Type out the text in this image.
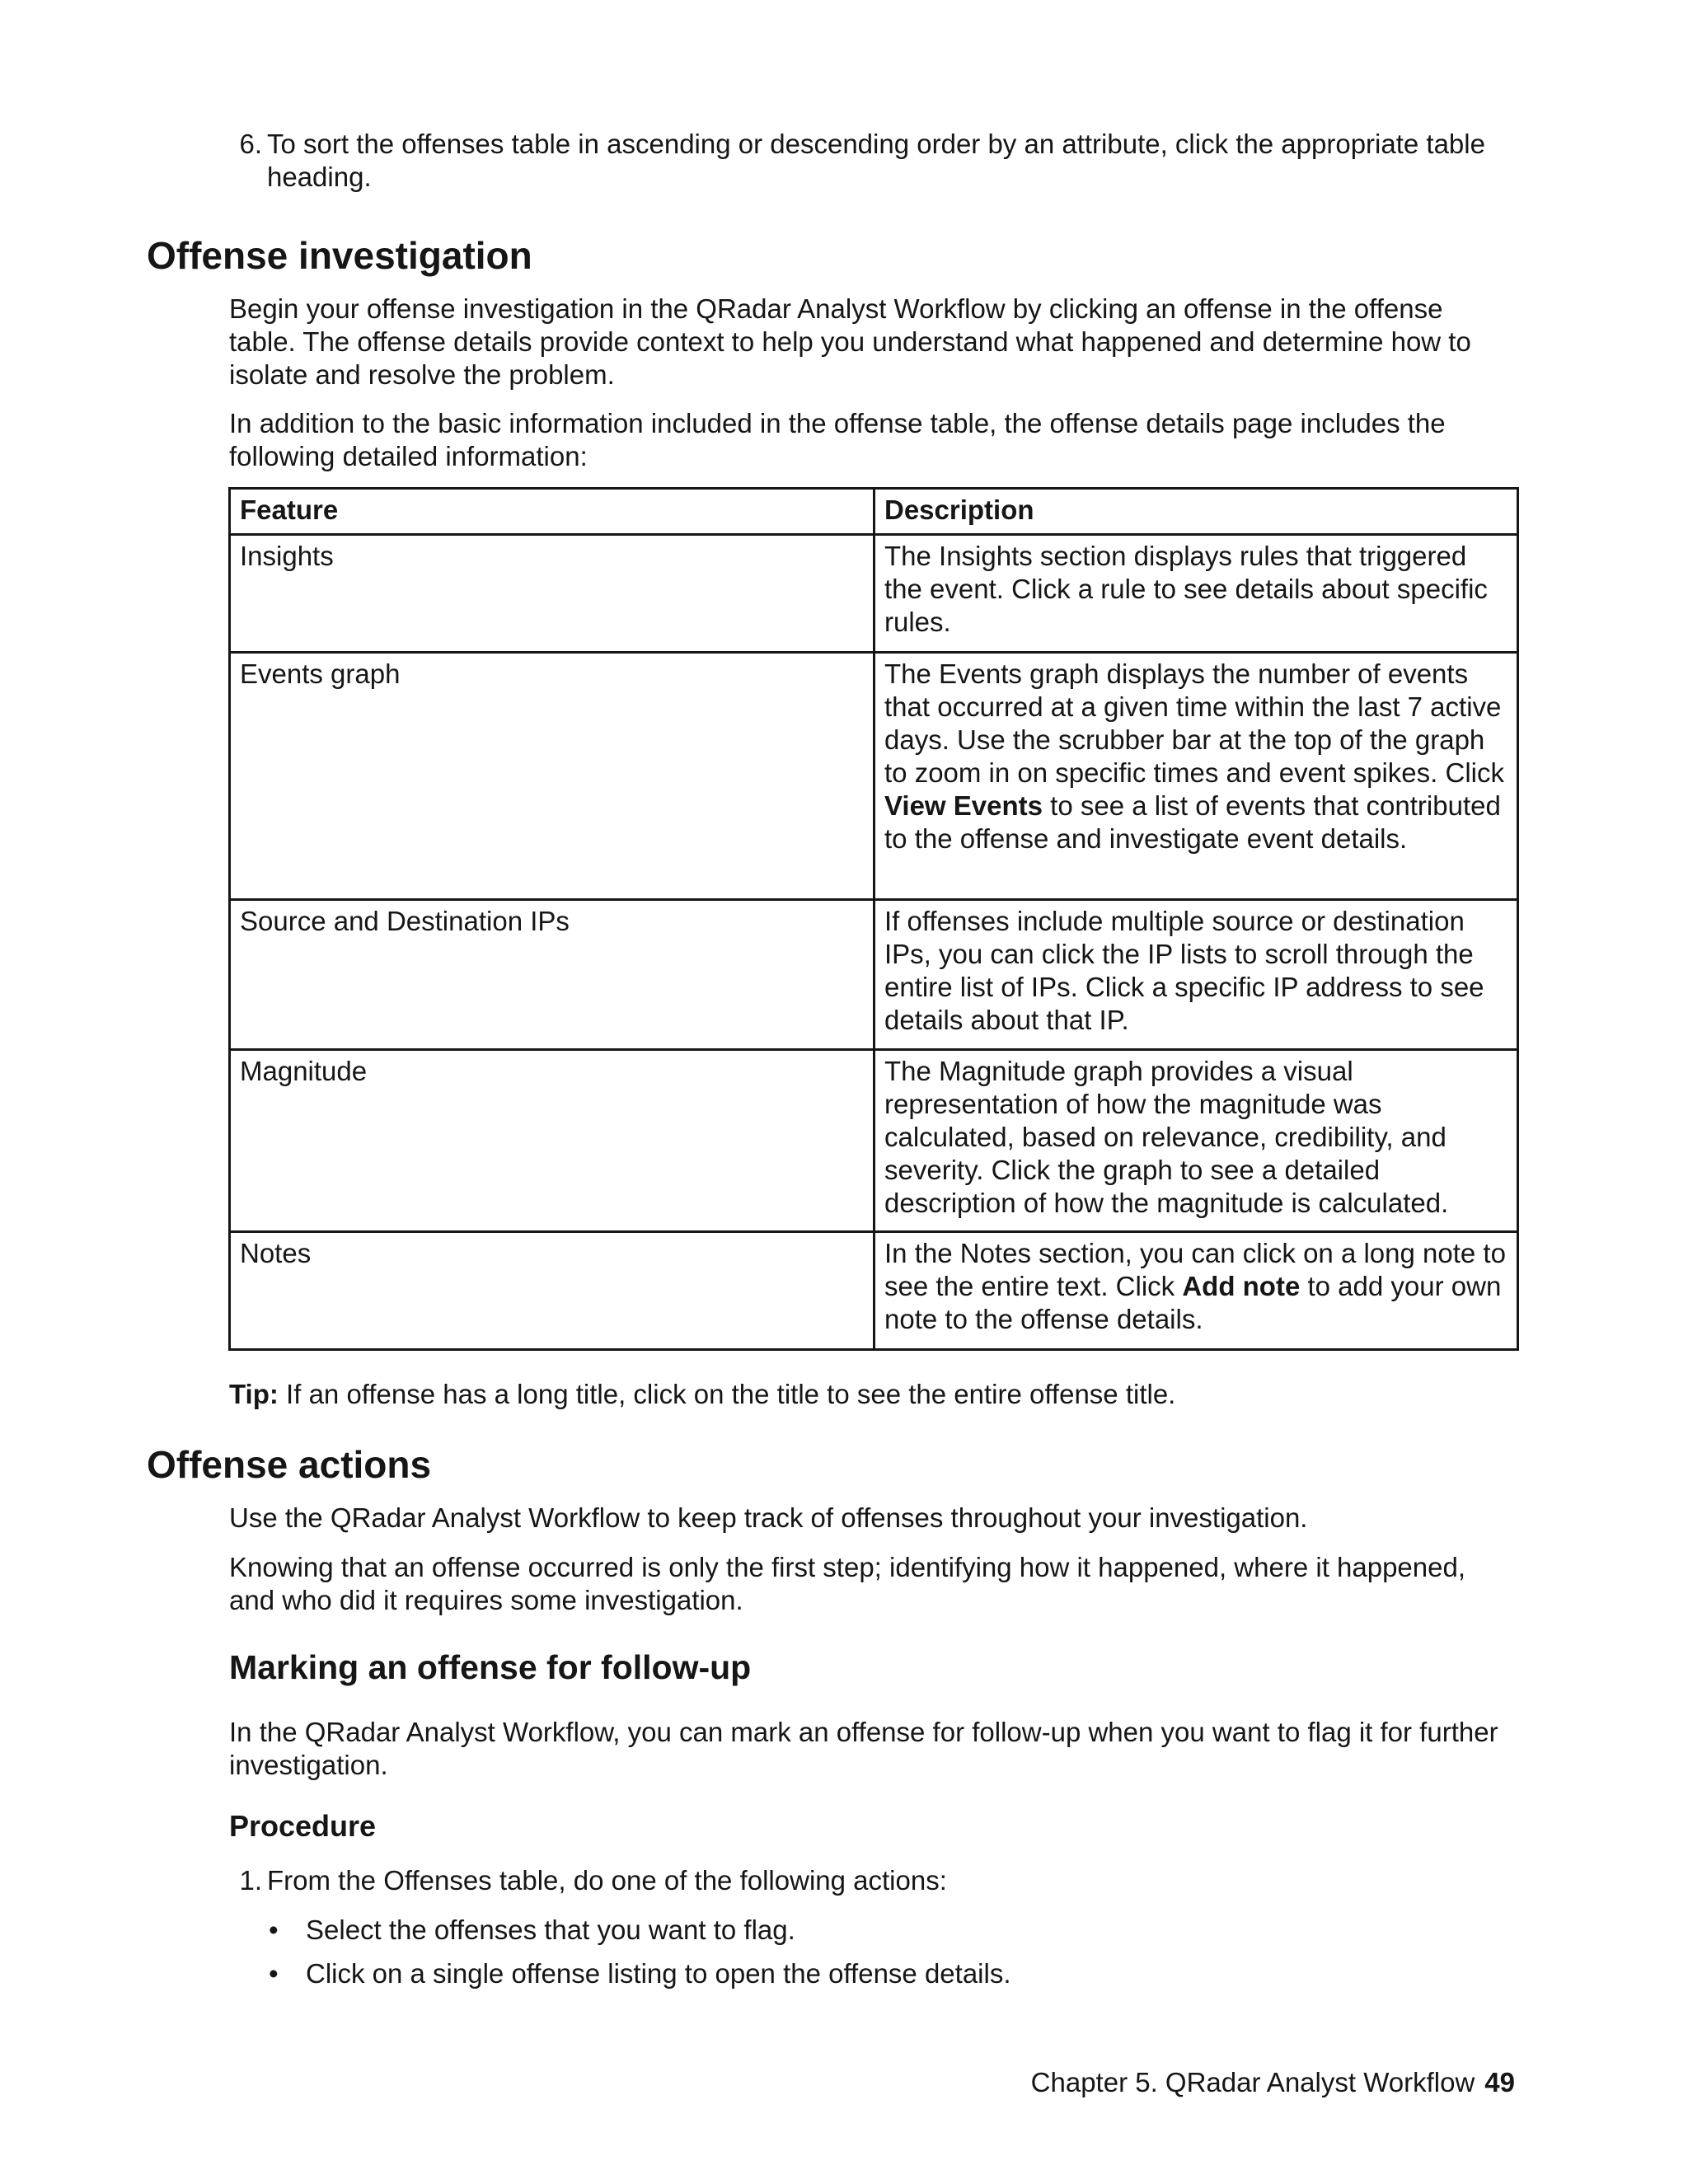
6. To sort the offenses table in ascending or descending order by an attribute, click the appropriate table heading.

Offense investigation

Begin your offense investigation in the QRadar Analyst Workflow by clicking an offense in the offense table. The offense details provide context to help you understand what happened and determine how to isolate and resolve the problem.

In addition to the basic information included in the offense table, the offense details page includes the following detailed information:

Feature	Description
Insights	The Insights section displays rules that triggered the event. Click a rule to see details about specific rules.
Events graph	The Events graph displays the number of events that occurred at a given time within the last 7 active days. Use the scrubber bar at the top of the graph to zoom in on specific times and event spikes. Click View Events to see a list of events that contributed to the offense and investigate event details.
Source and Destination IPs	If offenses include multiple source or destination IPs, you can click the IP lists to scroll through the entire list of IPs. Click a specific IP address to see details about that IP.
Magnitude	The Magnitude graph provides a visual representation of how the magnitude was calculated, based on relevance, credibility, and severity. Click the graph to see a detailed description of how the magnitude is calculated.
Notes	In the Notes section, you can click on a long note to see the entire text. Click Add note to add your own note to the offense details.

Tip: If an offense has a long title, click on the title to see the entire offense title.

Offense actions

Use the QRadar Analyst Workflow to keep track of offenses throughout your investigation.

Knowing that an offense occurred is only the first step; identifying how it happened, where it happened, and who did it requires some investigation.

Marking an offense for follow-up

In the QRadar Analyst Workflow, you can mark an offense for follow-up when you want to flag it for further investigation.

Procedure
1. From the Offenses table, do one of the following actions:

• Select the offenses that you want to flag.

• Click on a single offense listing to open the offense details.

Chapter 5. QRadar Analyst Workflow 49
